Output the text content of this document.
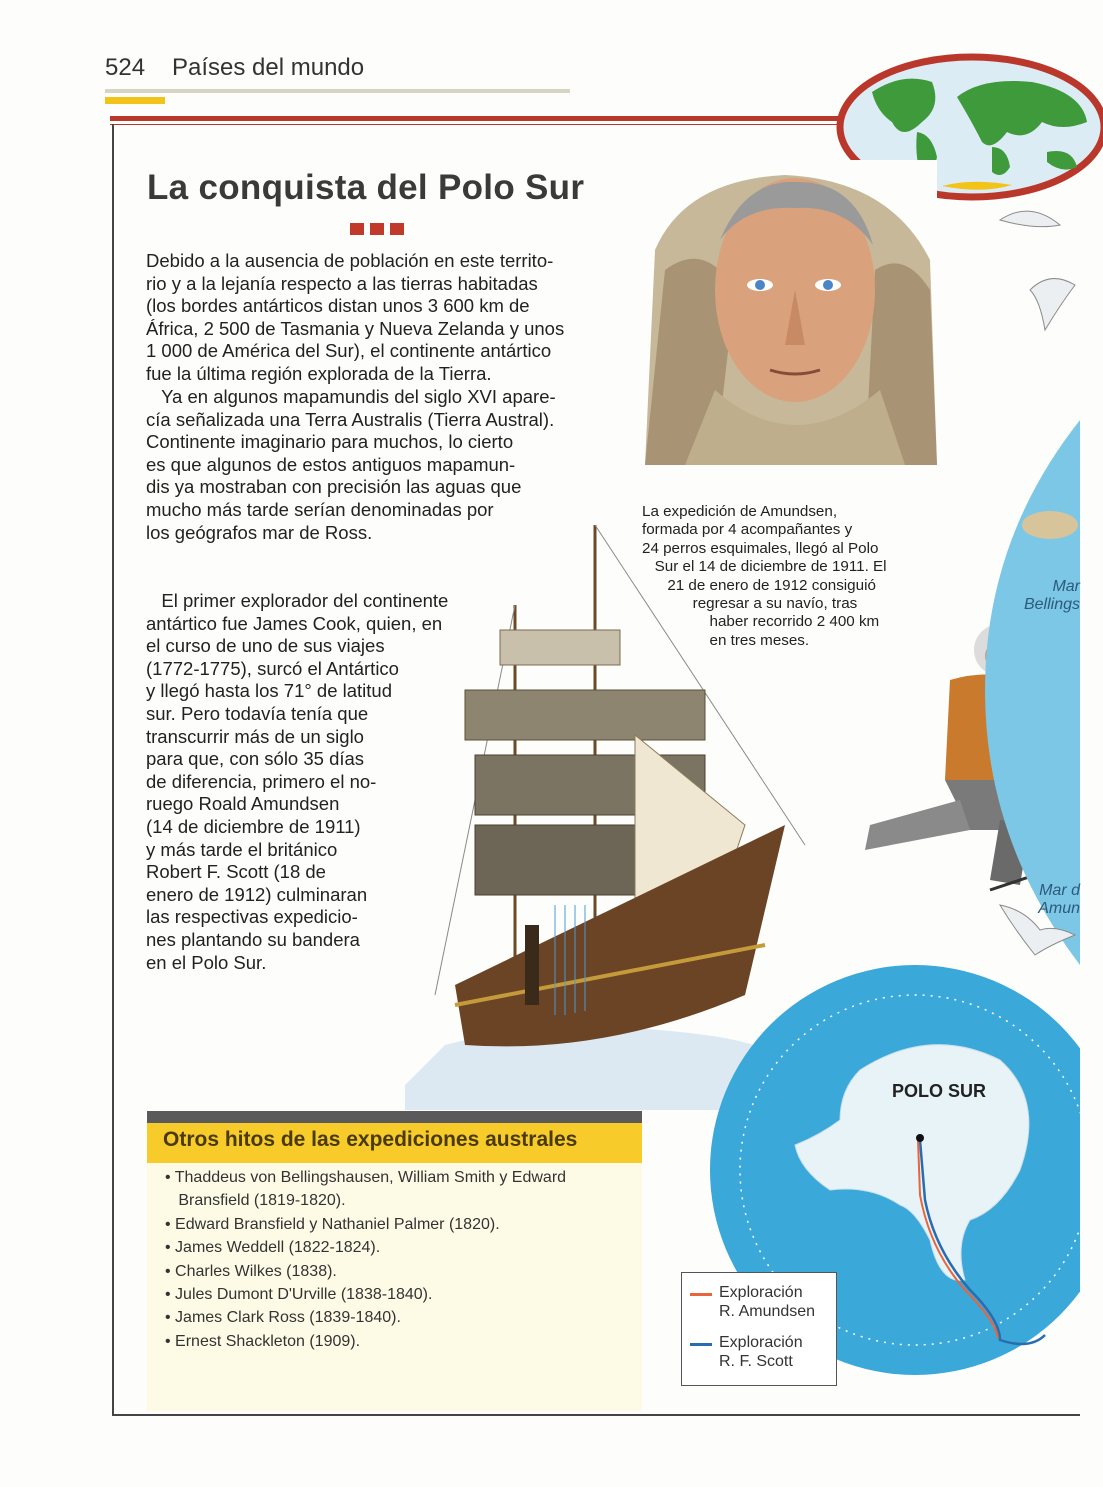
524 Países del mundo
La conquista del Polo Sur
Mar
Bellings
Mar d
Amun
POLO SUR
Debido a la ausencia de población en este territo-
rio y a la lejanía respecto a las tierras habitadas
(los bordes antárticos distan unos 3 600 km de
África, 2 500 de Tasmania y Nueva Zelanda y unos
1 000 de América del Sur), el continente antártico
fue la última región explorada de la Tierra.
Ya en algunos mapamundis del siglo XVI apare-
cía señalizada una Terra Australis (Tierra Austral).
Continente imaginario para muchos, lo cierto
es que algunos de estos antiguos mapamun-
dis ya mostraban con precisión las aguas que
mucho más tarde serían denominadas por
los geógrafos mar de Ross.
El primer explorador del continente
antártico fue James Cook, quien, en
el curso de uno de sus viajes
(1772-1775), surcó el Antártico
y llegó hasta los 71° de latitud
sur. Pero todavía tenía que
transcurrir más de un siglo
para que, con sólo 35 días
de diferencia, primero el no-
ruego Roald Amundsen
(14 de diciembre de 1911)
y más tarde el británico
Robert F. Scott (18 de
enero de 1912) culminaran
las respectivas expedicio-
nes plantando su bandera
en el Polo Sur.
La expedición de Amundsen,
formada por 4 acompañantes y
24 perros esquimales, llegó al Polo
Sur el 14 de diciembre de 1911. El
21 de enero de 1912 consiguió
regresar a su navío, tras
haber recorrido 2 400 km
en tres meses.
Otros hitos de las expediciones australes
• Thaddeus von Bellingshausen, William Smith y Edward
Bransfield (1819-1820).
• Edward Bransfield y Nathaniel Palmer (1820).
• James Weddell (1822-1824).
• Charles Wilkes (1838).
• Jules Dumont D'Urville (1838-1840).
• James Clark Ross (1839-1840).
• Ernest Shackleton (1909).
Exploración
R. Amundsen
Exploración
R. F. Scott
